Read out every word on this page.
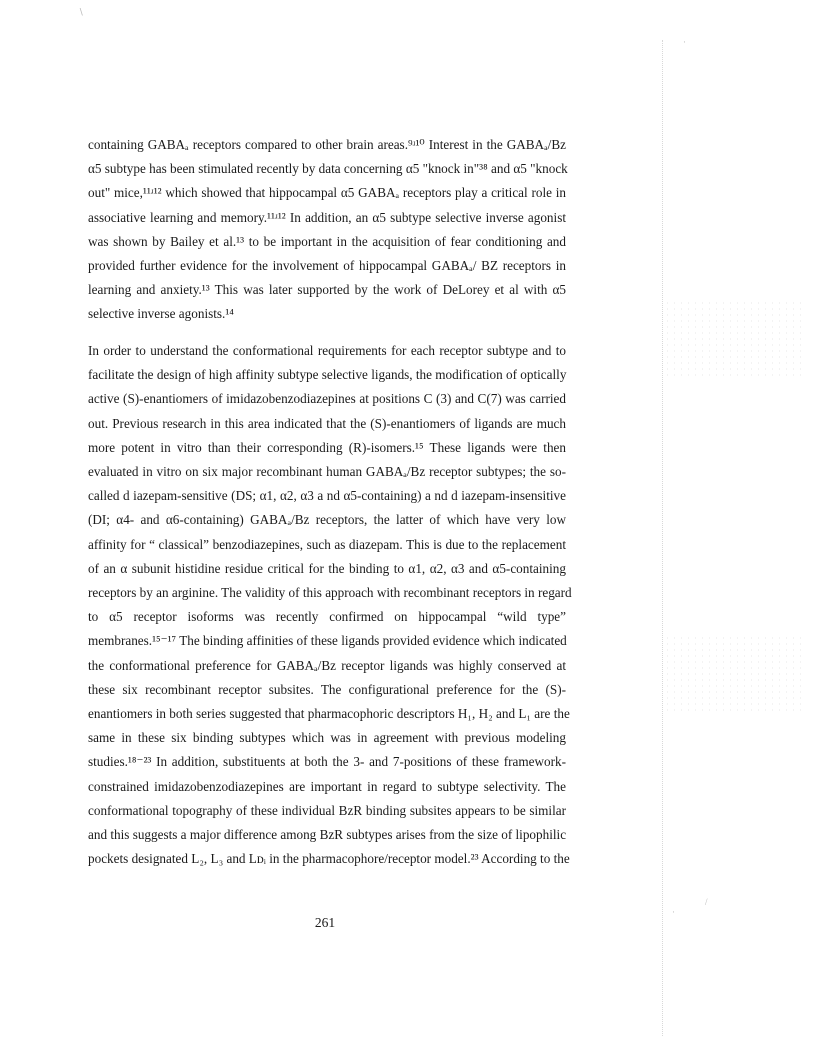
∖
·
/
·
containing GABAₐ receptors compared to other brain areas.⁹ʴ¹⁰ Interest in the GABAₐ/Bz
α5 subtype has been stimulated recently by data concerning α5 "knock in"³⁸ and α5 "knock
out" mice,¹¹ʴ¹² which showed that hippocampal α5 GABAₐ receptors play a critical role in
associative learning and memory.¹¹ʴ¹² In addition, an α5 subtype selective inverse agonist
was shown by Bailey et al.¹³ to be important in the acquisition of fear conditioning and
provided further evidence for the involvement of hippocampal GABAₐ/ BZ receptors in
learning and anxiety.¹³ This was later supported by the work of DeLorey et al with α5
selective inverse agonists.¹⁴
In order to understand the conformational requirements for each receptor subtype and to
facilitate the design of high affinity subtype selective ligands, the modification of optically
active (S)-enantiomers of imidazobenzodiazepines at positions C (3) and C(7) was carried
out. Previous research in this area indicated that the (S)-enantiomers of ligands are much
more potent in vitro than their corresponding (R)-isomers.¹⁵ These ligands were then
evaluated in vitro on six major recombinant human GABAₐ/Bz receptor subtypes; the so-
called d iazepam-sensitive (DS; α1, α2, α3 a nd α5-containing) a nd d iazepam-insensitive
(DI; α4- and α6-containing) GABAₐ/Bz receptors, the latter of which have very low
affinity for “ classical” benzodiazepines, such as diazepam. This is due to the replacement
of an α subunit histidine residue critical for the binding to α1, α2, α3 and α5-containing
receptors by an arginine. The validity of this approach with recombinant receptors in regard
to α5 receptor isoforms was recently confirmed on hippocampal “wild type”
membranes.¹⁵⁻¹⁷ The binding affinities of these ligands provided evidence which indicated
the conformational preference for GABAₐ/Bz receptor ligands was highly conserved at
these six recombinant receptor subsites. The configurational preference for the (S)-
enantiomers in both series suggested that pharmacophoric descriptors H₁, H₂ and L₁ are the
same in these six binding subtypes which was in agreement with previous modeling
studies.¹⁸⁻²³ In addition, substituents at both the 3- and 7-positions of these framework-
constrained imidazobenzodiazepines are important in regard to subtype selectivity. The
conformational topography of these individual BzR binding subsites appears to be similar
and this suggests a major difference among BzR subtypes arises from the size of lipophilic
pockets designated L₂, L₃ and Lᴅᵢ in the pharmacophore/receptor model.²³ According to the
261
